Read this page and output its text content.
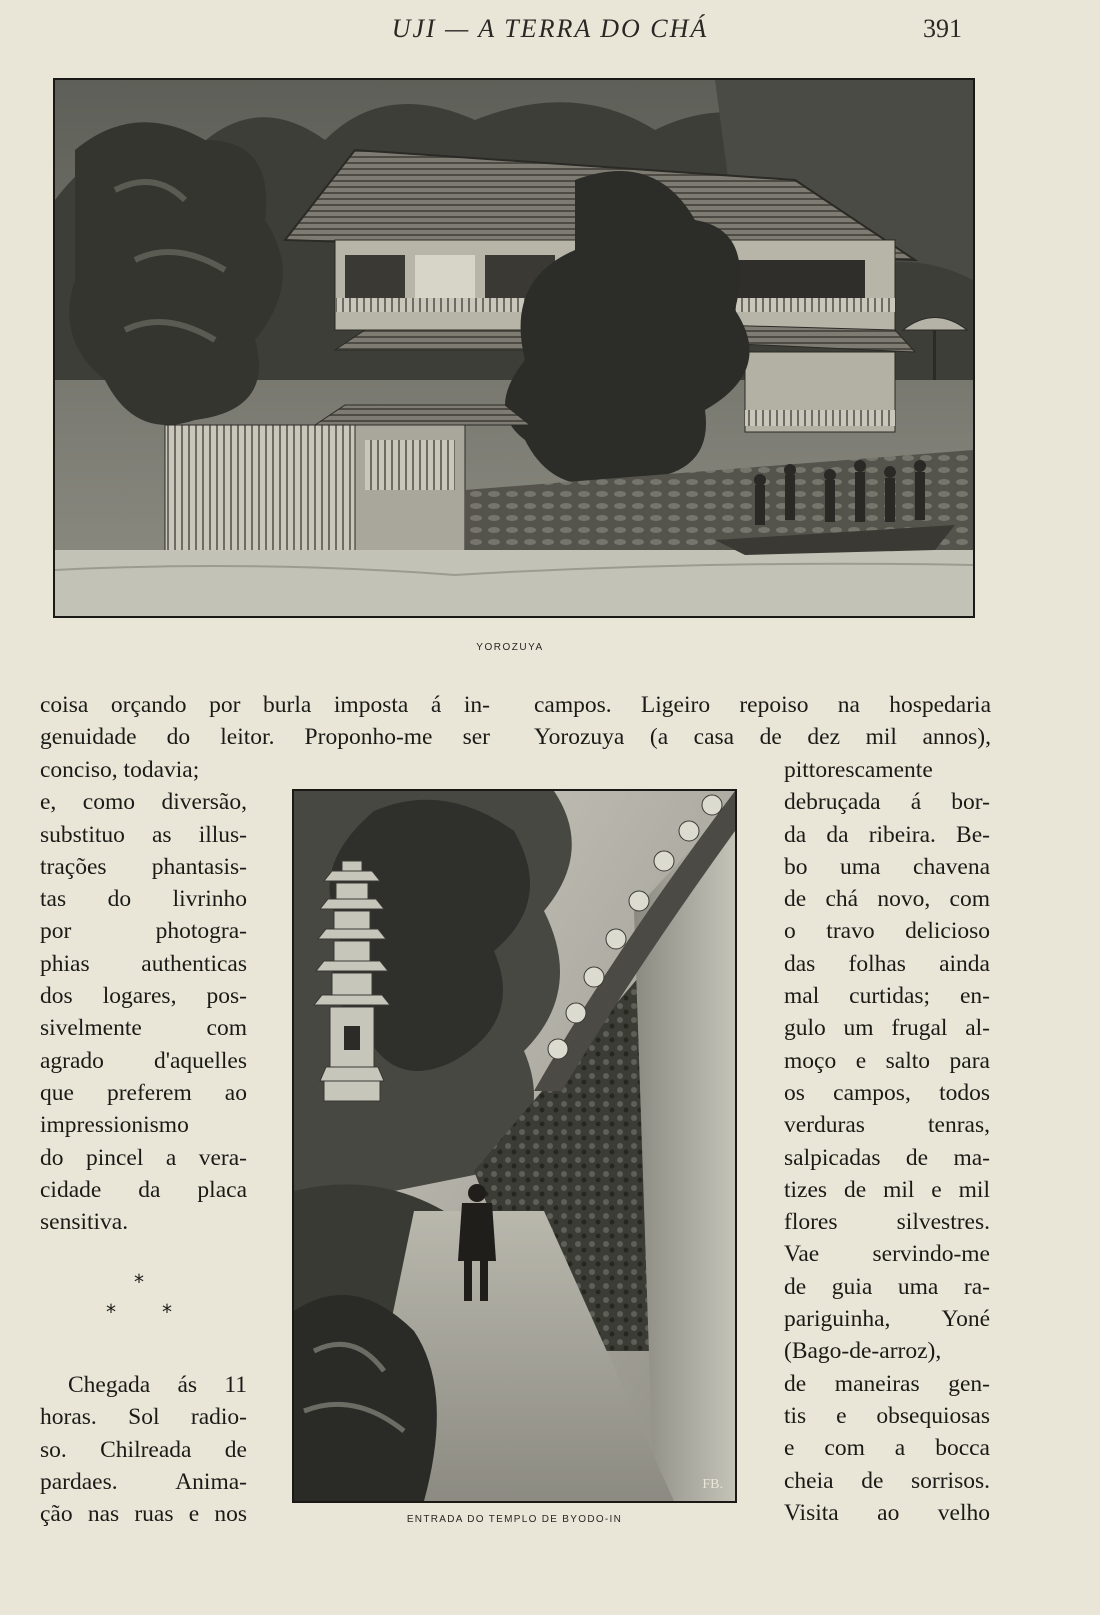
UJI — A TERRA DO CHÁ	391
YOROZUYA
coisa orçando por burla imposta á in-
genuidade do leitor. Proponho-me ser
conciso, todavia;
e, como diversão,
substituo as illus-
trações phantasis-
tas do livrinho
por photogra-
phias authenticas
dos logares, pos-
sivelmente com
agrado d'aquelles
que preferem ao
impressionismo
do pincel a vera-
cidade da placa
sensitiva.
*
* *
Chegada ás 11
horas. Sol radio-
so. Chilreada de
pardaes. Anima-
ção nas ruas e nos
campos. Ligeiro repoiso na hospedaria
Yorozuya (a casa de dez mil annos),
pittorescamente
debruçada á bor-
da da ribeira. Be-
bo uma chavena
de chá novo, com
o travo delicioso
das folhas ainda
mal curtidas; en-
gulo um frugal al-
moço e salto para
os campos, todos
verduras tenras,
salpicadas de ma-
tizes de mil e mil
flores silvestres.
Vae servindo-me
de guia uma ra-
pariguinha, Yoné
(Bago-de-arroz),
de maneiras gen-
tis e obsequiosas
e com a bocca
cheia de sorrisos.
Visita ao velho
FB.
ENTRADA DO TEMPLO DE BYODO-IN
